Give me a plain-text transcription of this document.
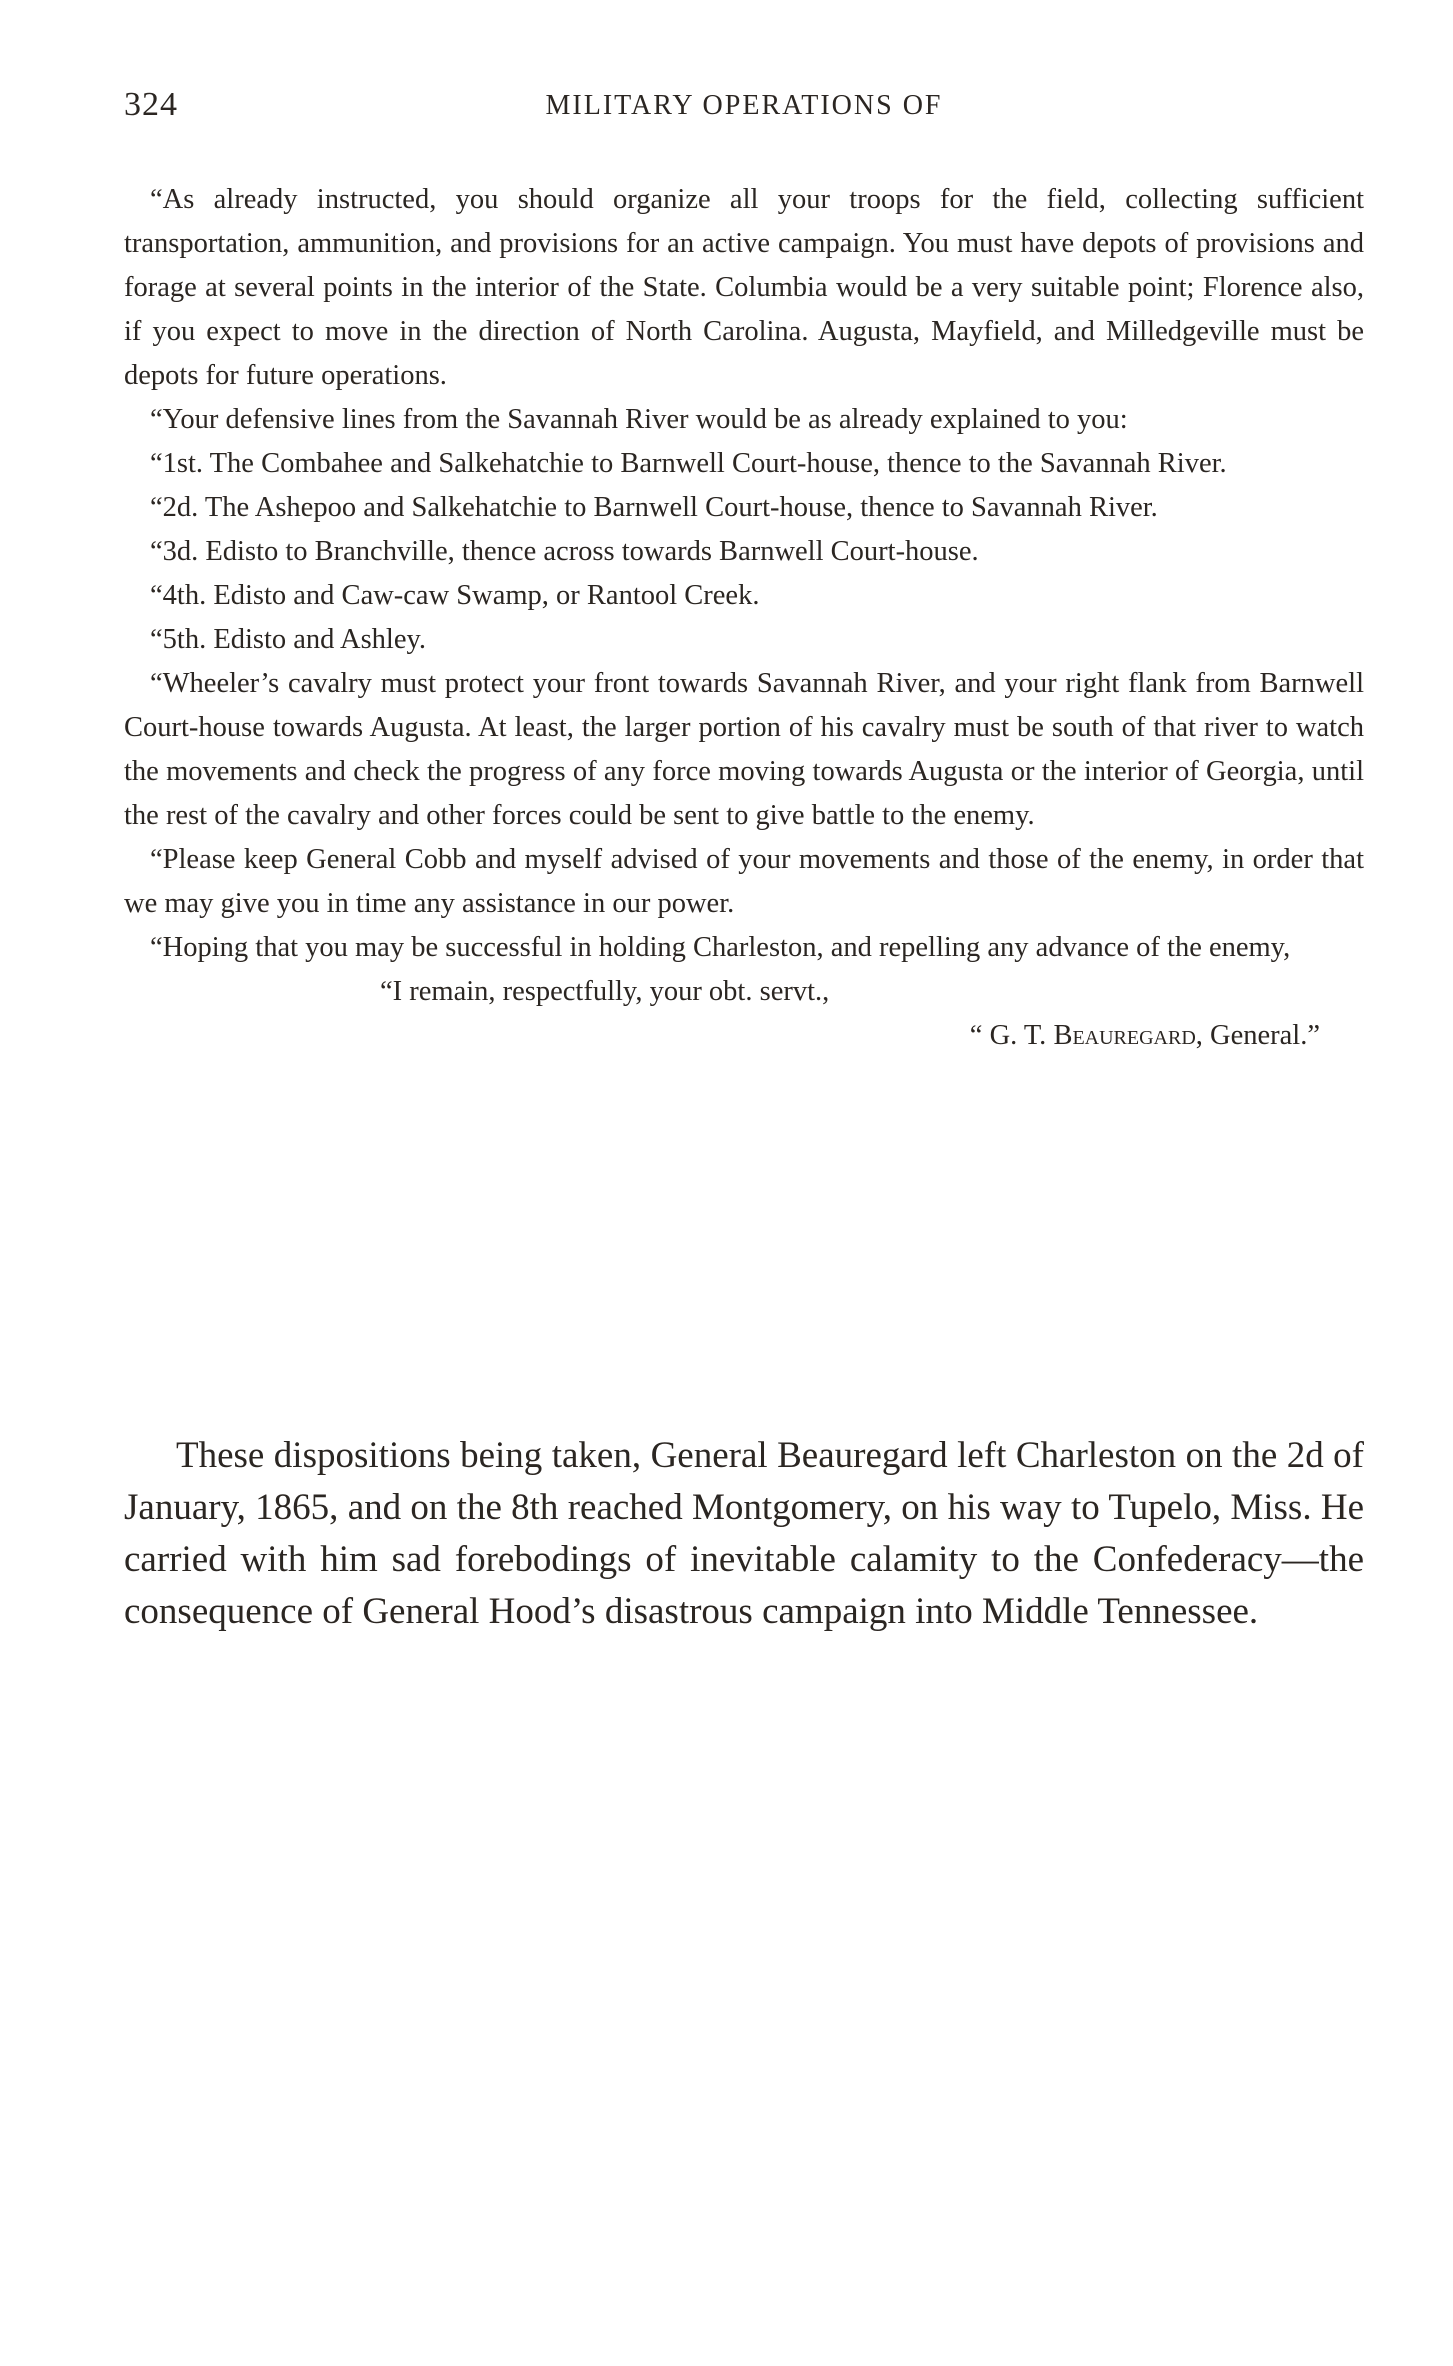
324	MILITARY OPERATIONS OF

“As already instructed, you should organize all your troops for the field, collecting sufficient transportation, ammunition, and provisions for an active campaign. You must have depots of provisions and forage at several points in the interior of the State. Columbia would be a very suitable point; Florence also, if you expect to move in the direction of North Carolina. Augusta, Mayfield, and Milledgeville must be depots for future operations.

“Your defensive lines from the Savannah River would be as already explained to you:

“1st. The Combahee and Salkehatchie to Barnwell Court-house, thence to the Savannah River.

“2d. The Ashepoo and Salkehatchie to Barnwell Court-house, thence to Savannah River.

“3d. Edisto to Branchville, thence across towards Barnwell Court-house.

“4th. Edisto and Caw-caw Swamp, or Rantool Creek.

“5th. Edisto and Ashley.

“Wheeler’s cavalry must protect your front towards Savannah River, and your right flank from Barnwell Court-house towards Augusta. At least, the larger portion of his cavalry must be south of that river to watch the movements and check the progress of any force moving towards Augusta or the interior of Georgia, until the rest of the cavalry and other forces could be sent to give battle to the enemy.

“Please keep General Cobb and myself advised of your movements and those of the enemy, in order that we may give you in time any assistance in our power.

“Hoping that you may be successful in holding Charleston, and repelling any advance of the enemy,

“I remain, respectfully, your obt. servt.,

“ G. T. Beauregard, General.”

These dispositions being taken, General Beauregard left Charleston on the 2d of January, 1865, and on the 8th reached Montgomery, on his way to Tupelo, Miss. He carried with him sad forebodings of inevitable calamity to the Confederacy—the consequence of General Hood’s disastrous campaign into Middle Tennessee.
